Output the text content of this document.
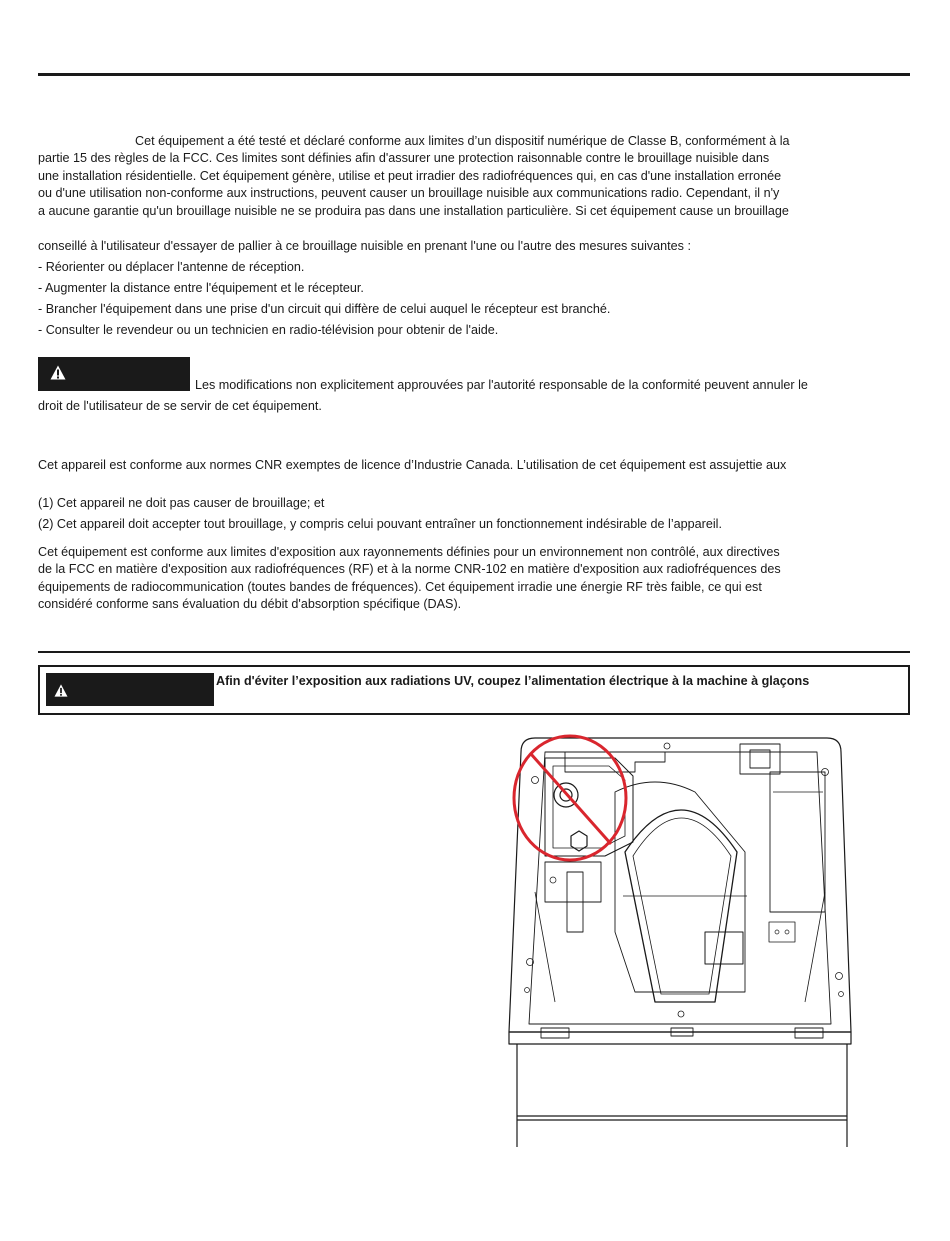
Cet équipement a été testé et déclaré conforme aux limites d’un dispositif numérique de Classe B, conformément à la
partie 15 des règles de la FCC. Ces limites sont définies afin d'assurer une protection raisonnable contre le brouillage nuisible dans
une installation résidentielle. Cet équipement génère, utilise et peut irradier des radiofréquences qui, en cas d'une installation erronée
ou d'une utilisation non-conforme aux instructions, peuvent causer un brouillage nuisible aux communications radio. Cependant, il n'y
a aucune garantie qu'un brouillage nuisible ne se produira pas dans une installation particulière. Si cet équipement cause un brouillage

conseillé à l'utilisateur d'essayer de pallier à ce brouillage nuisible en prenant l'une ou l'autre des mesures suivantes :

- Réorienter ou déplacer l'antenne de réception.
- Augmenter la distance entre l'équipement et le récepteur.
- Brancher l'équipement dans une prise d'un circuit qui diffère de celui auquel le récepteur est branché.
- Consulter le revendeur ou un technicien en radio-télévision pour obtenir de l'aide.
Les modifications non explicitement approuvées par l'autorité responsable de la conformité peuvent annuler le
droit de l'utilisateur de se servir de cet équipement.
Cet appareil est conforme aux normes CNR exemptes de licence d’Industrie Canada. L’utilisation de cet équipement est assujettie aux
(1) Cet appareil ne doit pas causer de brouillage; et
(2) Cet appareil doit accepter tout brouillage, y compris celui pouvant entraîner un fonctionnement indésirable de l’appareil.

Cet équipement est conforme aux limites d'exposition aux rayonnements définies pour un environnement non contrôlé, aux directives
de la FCC en matière d'exposition aux radiofréquences (RF) et à la norme CNR-102 en matière d'exposition aux radiofréquences des
équipements de radiocommunication (toutes bandes de fréquences). Cet équipement irradie une énergie RF très faible, ce qui est
considéré conforme sans évaluation du débit d'absorption spécifique (DAS).

Afin d'éviter l’exposition aux radiations UV, coupez l’alimentation électrique à la machine à glaçons
